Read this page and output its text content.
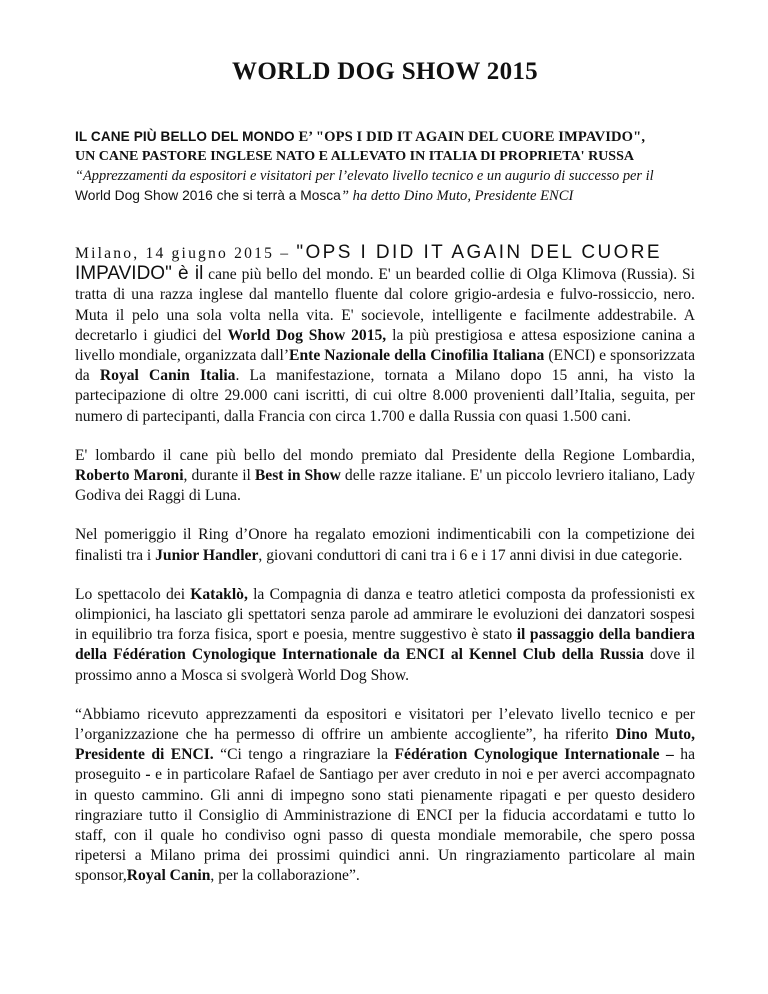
WORLD DOG SHOW 2015

IL CANE PIÙ BELLO DEL MONDO E’ "OPS I DID IT AGAIN DEL CUORE IMPAVIDO",

UN CANE PASTORE INGLESE NATO E ALLEVATO IN ITALIA DI PROPRIETA' RUSSA

“Apprezzamenti da espositori e visitatori per l’elevato livello tecnico e un augurio di successo per il

World Dog Show 2016 che si terrà a Mosca” ha detto Dino Muto, Presidente ENCI

Milano, 14 giugno 2015 – "OPS I DID IT AGAIN DEL CUORE
IMPAVIDO" è il cane più bello del mondo. E' un bearded collie di Olga Klimova (Russia). Si tratta di una razza inglese dal mantello fluente dal colore grigio-ardesia e fulvo-rossiccio, nero. Muta il pelo una sola volta nella vita. E' socievole, intelligente e facilmente addestrabile. A decretarlo i giudici del World Dog Show 2015, la più prestigiosa e attesa esposizione canina a livello mondiale, organizzata dall’Ente Nazionale della Cinofilia Italiana (ENCI) e sponsorizzata da Royal Canin Italia. La manifestazione, tornata a Milano dopo 15 anni, ha visto la partecipazione di oltre 29.000 cani iscritti, di cui oltre 8.000 provenienti dall’Italia, seguita, per numero di partecipanti, dalla Francia con circa 1.700 e dalla Russia con quasi 1.500 cani.

E' lombardo il cane più bello del mondo premiato dal Presidente della Regione Lombardia, Roberto Maroni, durante il Best in Show delle razze italiane. E' un piccolo levriero italiano, Lady Godiva dei Raggi di Luna.

Nel pomeriggio il Ring d’Onore ha regalato emozioni indimenticabili con la competizione dei finalisti tra i Junior Handler, giovani conduttori di cani tra i 6 e i 17 anni divisi in due categorie.

Lo spettacolo dei Kataklò, la Compagnia di danza e teatro atletici composta da professionisti ex olimpionici, ha lasciato gli spettatori senza parole ad ammirare le evoluzioni dei danzatori sospesi in equilibrio tra forza fisica, sport e poesia, mentre suggestivo è stato il passaggio della bandiera della Fédération Cynologique Internationale da ENCI al Kennel Club della Russia dove il prossimo anno a Mosca si svolgerà World Dog Show.

“Abbiamo ricevuto apprezzamenti da espositori e visitatori per l’elevato livello tecnico e per l’organizzazione che ha permesso di offrire un ambiente accogliente”, ha riferito Dino Muto, Presidente di ENCI. “Ci tengo a ringraziare la Fédération Cynologique Internationale – ha proseguito - e in particolare Rafael de Santiago per aver creduto in noi e per averci accompagnato in questo cammino. Gli anni di impegno sono stati pienamente ripagati e per questo desidero ringraziare tutto il Consiglio di Amministrazione di ENCI per la fiducia accordatami e tutto lo staff, con il quale ho condiviso ogni passo di questa mondiale memorabile, che spero possa ripetersi a Milano prima dei prossimi quindici anni. Un ringraziamento particolare al main sponsor,Royal Canin, per la collaborazione”.
